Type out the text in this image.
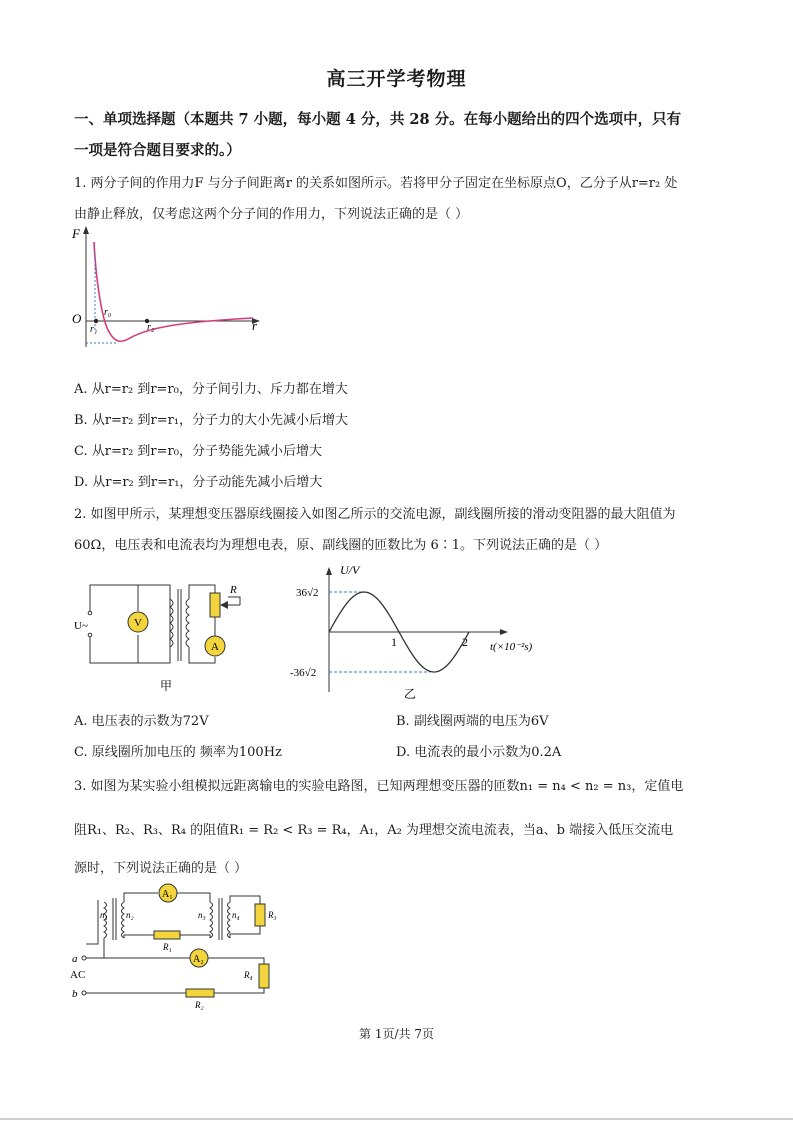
高三开学考物理
一、单项选择题（本题共 7 小题，每小题 4 分，共 28 分。在每小题给出的四个选项中，只有
一项是符合题目要求的。）
1. 两分子间的作用力F 与分子间距离r 的关系如图所示。若将甲分子固定在坐标原点O，乙分子从r=r₂ 处
由静止释放，仅考虑这两个分子间的作用力，下列说法正确的是（ ）
F
r
O r₀
r₁	r₂
A. 从r=r₂ 到r=r₀，分子间引力、斥力都在增大
B. 从r=r₂ 到r=r₁，分子力的大小先减小后增大
C. 从r=r₂ 到r=r₀，分子势能先减小后增大
D. 从r=r₂ 到r=r₁，分子动能先减小后增大
2. 如图甲所示，某理想变压器原线圈接入如图乙所示的交流电源，副线圈所接的滑动变阻器的最大阻值为
60Ω，电压表和电流表均为理想电表，原、副线圈的匝数比为 6∶1。下列说法正确的是（ ）
U~	V
R
A
甲
U/V
t(×10⁻²s)
36√2
-36√2
1	2
乙
A. 电压表的示数为72V	B. 副线圈两端的电压为6V
C. 原线圈所加电压的 频率为100Hz	D. 电流表的最小示数为0.2A
3. 如图为某实验小组模拟远距离输电的实验电路图，已知两理想变压器的匝数n₁ = n₄ < n₂ = n₃，定值电
阻R₁、R₂、R₃、R₄ 的阻值R₁ = R₂ < R₃ = R₄，A₁，A₂ 为理想交流电流表，当a、b 端接入低压交流电
源时，下列说法正确的是（ ）
a
AC
b
n₁ n₂
A₁
R₁
n₃	n₄	R₃
A₂
R₄
R₂
第 1页/共 7页
